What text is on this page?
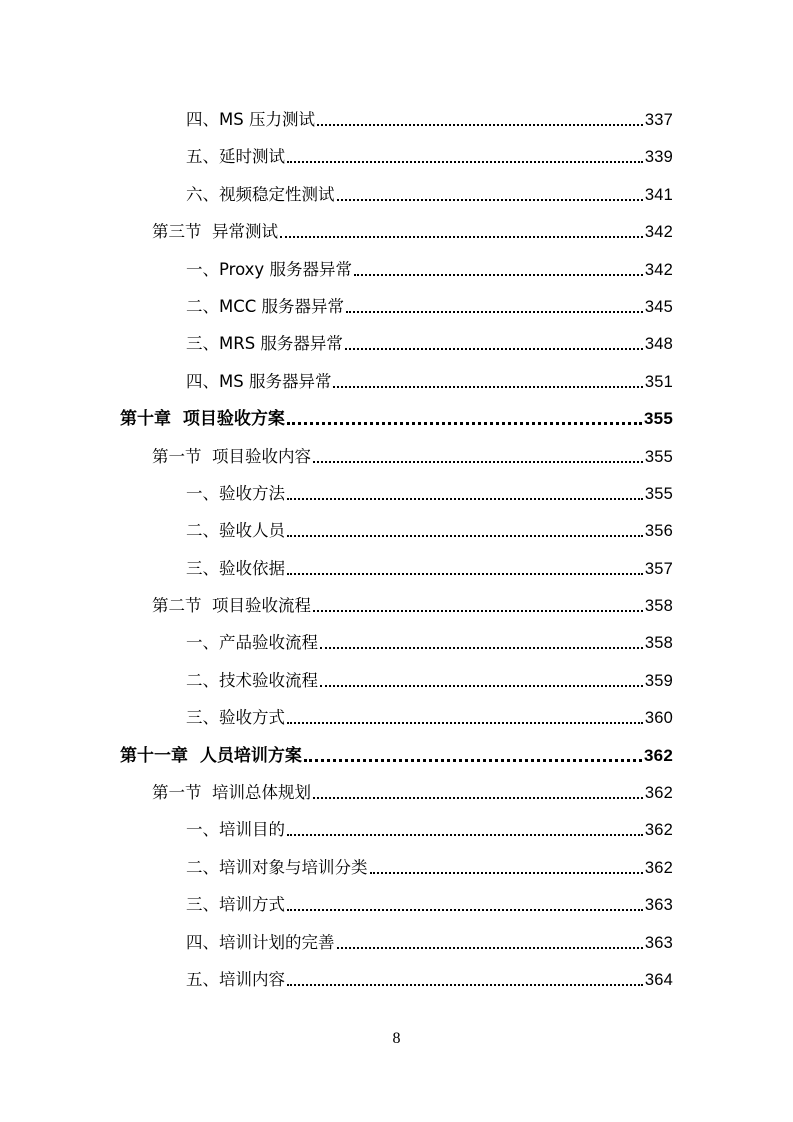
四、MS 压力测试	337
五、延时测试	339
六、视频稳定性测试	341
第三节  异常测试	342
一、Proxy 服务器异常	342
二、MCC 服务器异常	345
三、MRS 服务器异常	348
四、MS 服务器异常	351
第十章  项目验收方案	355
第一节  项目验收内容	355
一、验收方法	355
二、验收人员	356
三、验收依据	357
第二节  项目验收流程	358
一、产品验收流程	358
二、技术验收流程	359
三、验收方式	360
第十一章  人员培训方案	362
第一节  培训总体规划	362
一、培训目的	362
二、培训对象与培训分类	362
三、培训方式	363
四、培训计划的完善	363
五、培训内容	364
8
